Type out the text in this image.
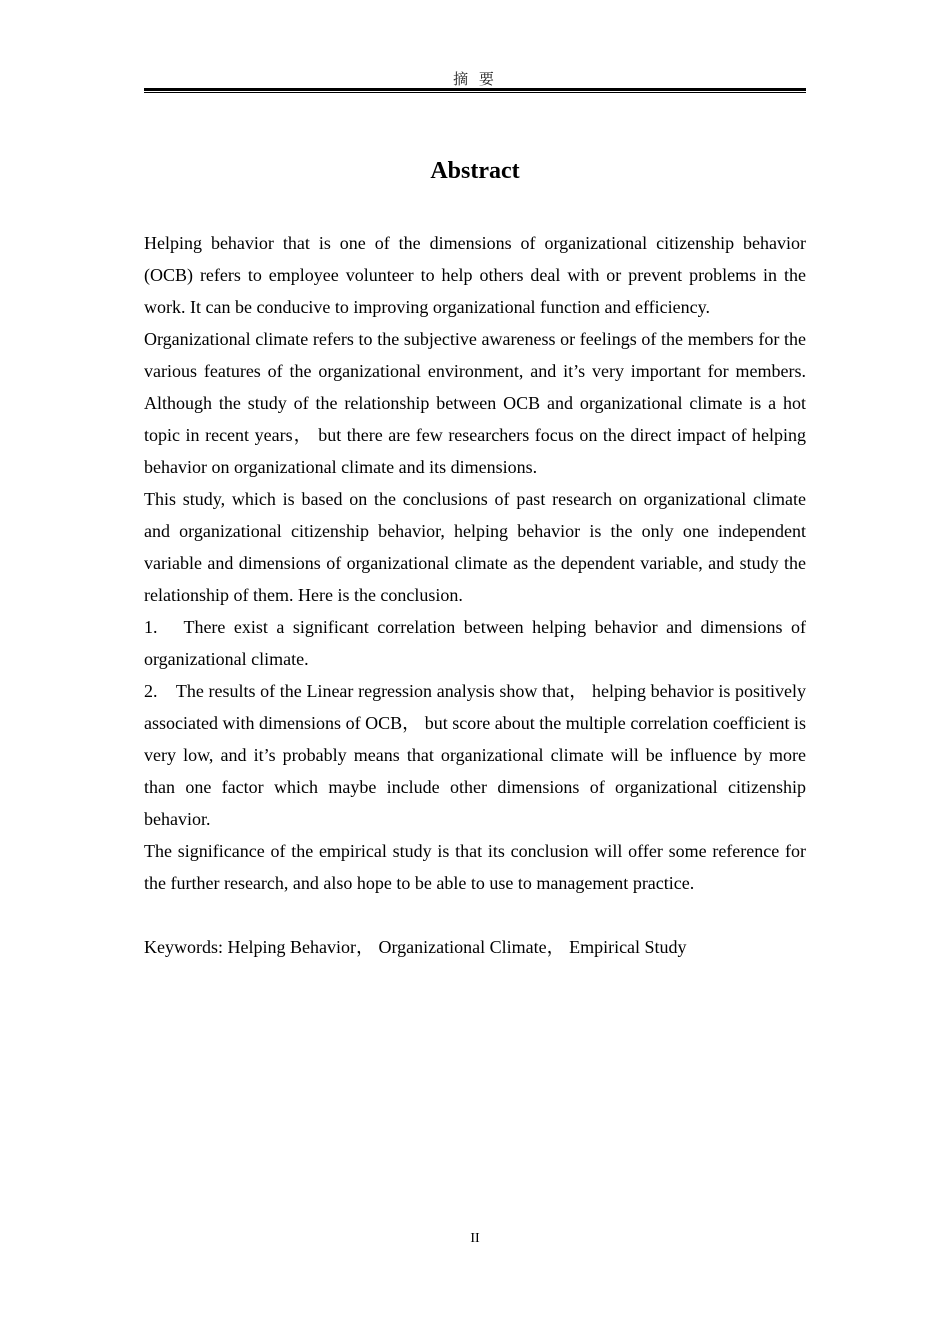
摘 要
Abstract

Helping behavior that is one of the dimensions of organizational citizenship behavior (OCB) refers to employee volunteer to help others deal with or prevent problems in the work. It can be conducive to improving organizational function and efficiency.

Organizational climate refers to the subjective awareness or feelings of the members for the various features of the organizational environment, and it’s very important for members. Although the study of the relationship between OCB and organizational climate is a hot topic in recent years， but there are few researchers focus on the direct impact of helping behavior on organizational climate and its dimensions.

This study, which is based on the conclusions of past research on organizational climate and organizational citizenship behavior, helping behavior is the only one independent variable and dimensions of organizational climate as the dependent variable, and study the relationship of them. Here is the conclusion.

1.　There exist a significant correlation between helping behavior and dimensions of organizational climate.

2.　The results of the Linear regression analysis show that， helping behavior is positively associated with dimensions of OCB， but score about the multiple correlation coefficient is very low, and it’s probably means that organizational climate will be influence by more than one factor which maybe include other dimensions of organizational citizenship behavior.

The significance of the empirical study is that its conclusion will offer some reference for the further research, and also hope to be able to use to management practice.

Keywords: Helping Behavior， Organizational Climate， Empirical Study

II
